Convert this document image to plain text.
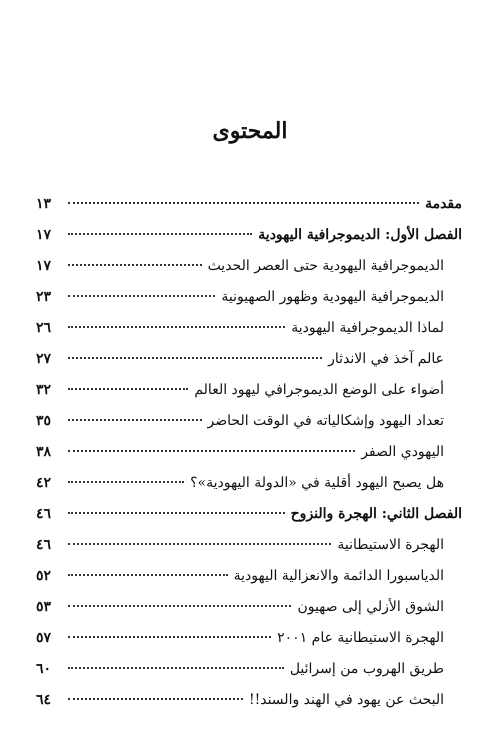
المحتوى
مقدمة
١٣
الفصل الأول: الديموجرافية اليهودية
١٧
الديموجرافية اليهودية حتى العصر الحديث
١٧
الديموجرافية اليهودية وظهور الصهيونية
٢٣
لماذا الديموجرافية اليهودية
٢٦
عالم آخذ في الاندثار
٢٧
أضواء على الوضع الديموجرافي ليهود العالم
٣٢
تعداد اليهود وإشكالياته في الوقت الحاضر
٣٥
اليهودي الصفر
٣٨
هل يصبح اليهود أقلية في «الدولة اليهودية»؟
٤٢
الفصل الثاني: الهجرة والنزوح
٤٦
الهجرة الاستيطانية
٤٦
الدياسبورا الدائمة والانعزالية اليهودية
٥٢
الشوق الأزلي إلى صهيون
٥٣
الهجرة الاستيطانية عام ٢٠٠١
٥٧
طريق الهروب من إسرائيل
٦٠
البحث عن يهود في الهند والسند!!
٦٤
